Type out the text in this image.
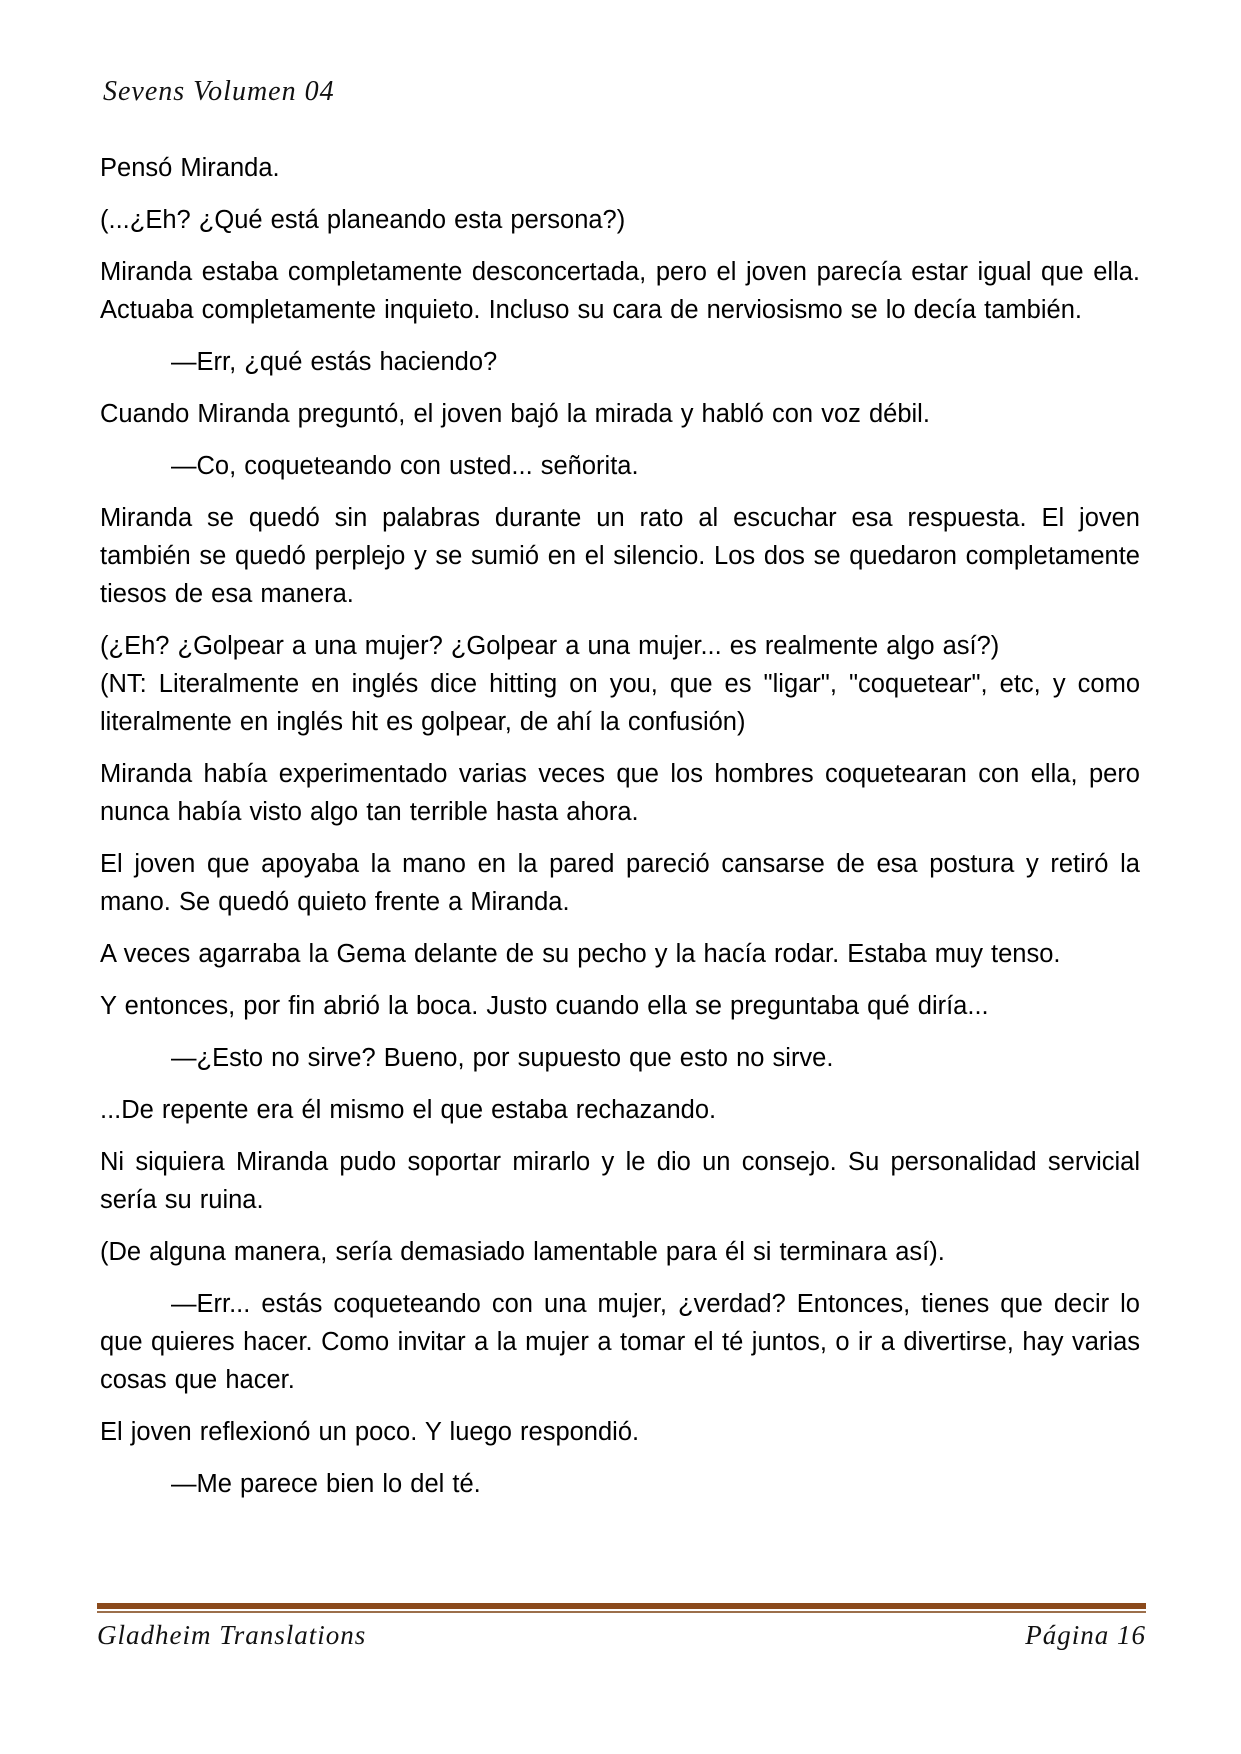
Sevens Volumen 04

Pensó Miranda.

(...¿Eh? ¿Qué está planeando esta persona?)

Miranda estaba completamente desconcertada, pero el joven parecía estar igual que ella. Actuaba completamente inquieto. Incluso su cara de nerviosismo se lo decía también.

—Err, ¿qué estás haciendo?

Cuando Miranda preguntó, el joven bajó la mirada y habló con voz débil.

—Co, coqueteando con usted... señorita.

Miranda se quedó sin palabras durante un rato al escuchar esa respuesta. El joven también se quedó perplejo y se sumió en el silencio. Los dos se quedaron completamente tiesos de esa manera.

(¿Eh? ¿Golpear a una mujer? ¿Golpear a una mujer... es realmente algo así?)

(NT: Literalmente en inglés dice hitting on you, que es "ligar", "coquetear", etc, y como literalmente en inglés hit es golpear, de ahí la confusión)

Miranda había experimentado varias veces que los hombres coquetearan con ella, pero nunca había visto algo tan terrible hasta ahora.

El joven que apoyaba la mano en la pared pareció cansarse de esa postura y retiró la mano. Se quedó quieto frente a Miranda.

A veces agarraba la Gema delante de su pecho y la hacía rodar. Estaba muy tenso.

Y entonces, por fin abrió la boca. Justo cuando ella se preguntaba qué diría...

—¿Esto no sirve? Bueno, por supuesto que esto no sirve.

...De repente era él mismo el que estaba rechazando.

Ni siquiera Miranda pudo soportar mirarlo y le dio un consejo. Su personalidad servicial sería su ruina.

(De alguna manera, sería demasiado lamentable para él si terminara así).

—Err... estás coqueteando con una mujer, ¿verdad? Entonces, tienes que decir lo que quieres hacer. Como invitar a la mujer a tomar el té juntos, o ir a divertirse, hay varias cosas que hacer.

El joven reflexionó un poco. Y luego respondió.

—Me parece bien lo del té.

Gladheim Translations	Página 16
